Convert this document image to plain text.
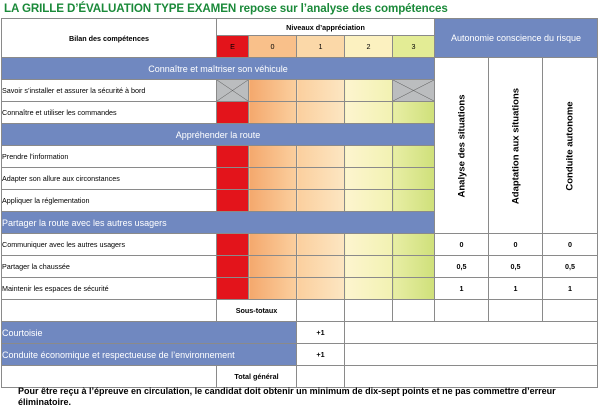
LA GRILLE D’ÉVALUATION TYPE EXAMEN repose sur l’analyse des compétences
Bilan des compétences	Niveaux d’appréciation					Autonomie conscience du risque		
	E	0	1	2	3			
Connaître et maîtriser son véhicule						Analyse des situations	Adaptation aux situations	Conduite autonome

Savoir s’installer et assurer la sécurité à bord	

Connaître et utiliser les commandes								
Appréhender la route								
Prendre l’information								
Adapter son allure aux circonstances								
Appliquer la réglementation								
Partager la route avec les autres usagers								
Communiquer avec les autres usagers						0	0	0
Partager la chaussée						0,5	0,5	0,5
Maintenir les espaces de sécurité						1	1	1
	Sous-totaux							
Courtoisie			+1					
Conduite économique et respectueuse de l’environnement			+1					
	Total général							
Pour être reçu à l’épreuve en circulation, le candidat doit obtenir un minimum de dix-sept points et ne pas commettre d’erreur éliminatoire.
